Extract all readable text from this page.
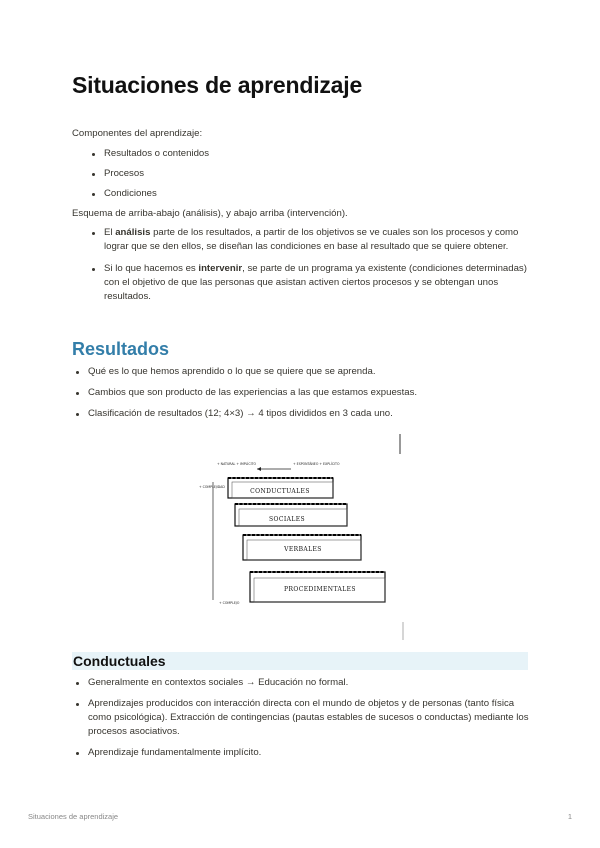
Situaciones de aprendizaje
Componentes del aprendizaje:
Resultados o contenidos
Procesos
Condiciones
Esquema de arriba-abajo (análisis), y abajo arriba (intervención).
El análisis parte de los resultados, a partir de los objetivos se ve cuales son los procesos y como lograr que se den ellos, se diseñan las condiciones en base al resultado que se quiere obtener.
Si lo que hacemos es intervenir, se parte de un programa ya existente (condiciones determinadas) con el objetivo de que las personas que asistan activen ciertos procesos y se obtengan unos resultados.
Resultados
Qué es lo que hemos aprendido o lo que se quiere que se aprenda.
Cambios que son producto de las experiencias a las que estamos expuestas.
Clasificación de resultados (12; 4×3) → 4 tipos divididos en 3 cada uno.
+ NATURAL + IMPLÍCITO	+ ESPONTÁNEO + EXPLÍCITO
+ COMPLEJIDAD
+ COMPLEJO
CONDUCTUALES
SOCIALES
VERBALES
PROCEDIMENTALES
Conductuales
Generalmente en contextos sociales → Educación no formal.
Aprendizajes producidos con interacción directa con el mundo de objetos y de personas (tanto física como psicológica). Extracción de contingencias (pautas estables de sucesos o conductas) mediante los procesos asociativos.
Aprendizaje fundamentalmente implícito.
Situaciones de aprendizaje	1
